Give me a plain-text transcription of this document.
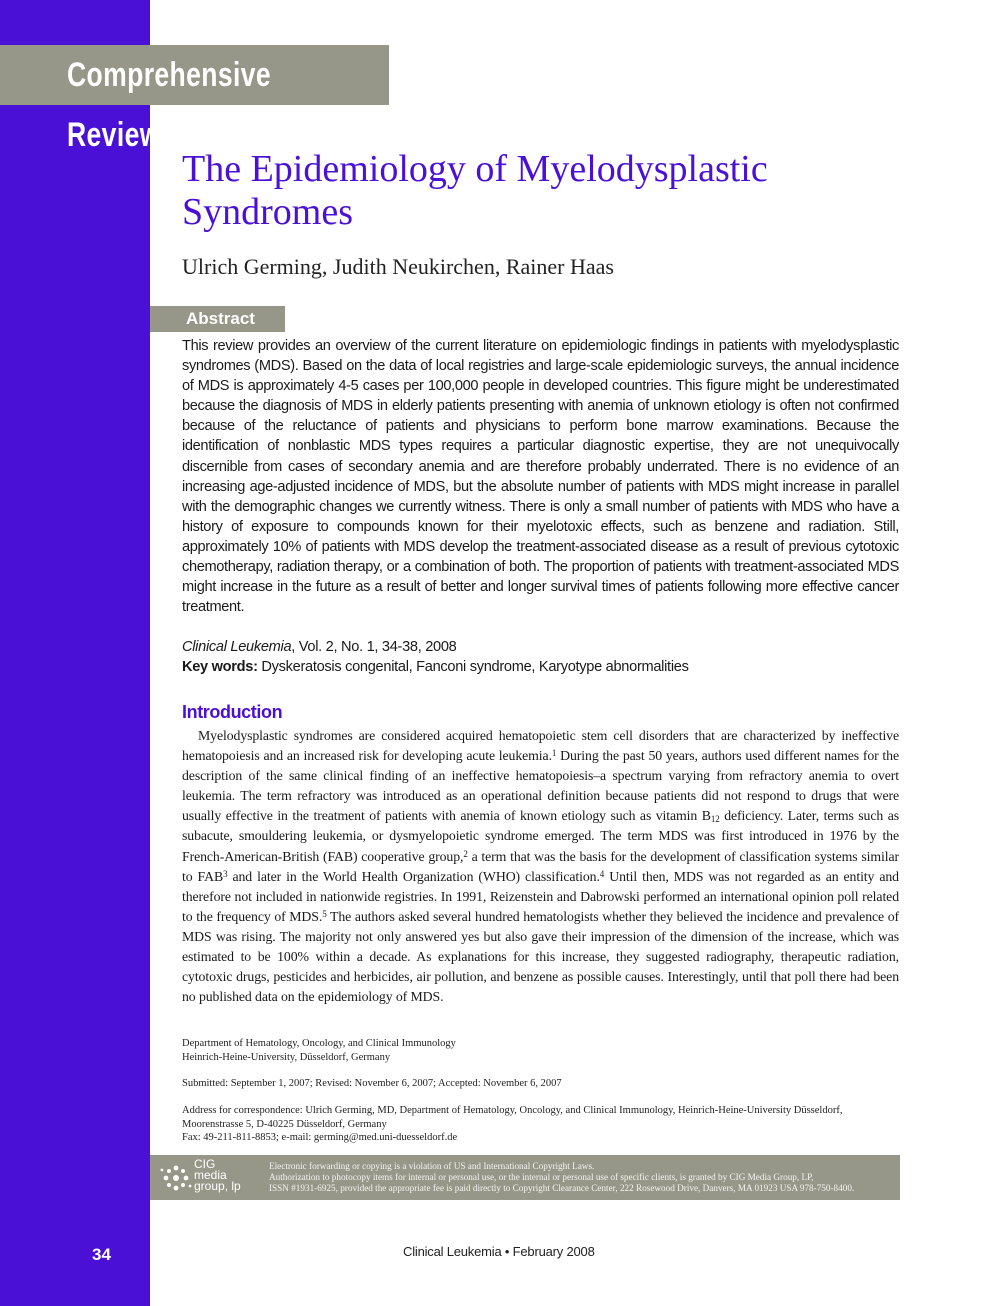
Comprehensive Review
The Epidemiology of Myelodysplastic Syndromes
Ulrich Germing, Judith Neukirchen, Rainer Haas
Abstract

This review provides an overview of the current literature on epidemiologic findings in patients with myelodysplastic syndromes (MDS). Based on the data of local registries and large-scale epidemiologic surveys, the annual incidence of MDS is approximately 4-5 cases per 100,000 people in developed countries. This figure might be underestimated because the diagnosis of MDS in elderly patients presenting with anemia of unknown etiology is often not confirmed because of the reluctance of patients and physicians to perform bone marrow examinations. Because the identification of nonblastic MDS types requires a particular diagnostic expertise, they are not unequivocally discernible from cases of secondary anemia and are therefore probably underrated. There is no evidence of an increasing age-adjusted incidence of MDS, but the absolute number of patients with MDS might increase in parallel with the demographic changes we currently witness. There is only a small number of patients with MDS who have a history of exposure to compounds known for their myelotoxic effects, such as benzene and radiation. Still, approximately 10% of patients with MDS develop the treatment-associated disease as a result of previous cytotoxic chemotherapy, radiation therapy, or a combination of both. The proportion of patients with treatment-associated MDS might increase in the future as a result of better and longer survival times of patients following more effective cancer treatment.

Clinical Leukemia, Vol. 2, No. 1, 34-38, 2008
Key words: Dyskeratosis congenital, Fanconi syndrome, Karyotype abnormalities
Introduction

Myelodysplastic syndromes are considered acquired hematopoietic stem cell disorders that are characterized by ineffective hematopoiesis and an increased risk for developing acute leukemia.$^1$ During the past 50 years, authors used different names for the description of the same clinical finding of an ineffective hematopoiesis–a spectrum varying from refractory anemia to overt leukemia. The term refractory was introduced as an operational definition because patients did not respond to drugs that were usually effective in the treatment of patients with anemia of known etiology such as vitamin $B_{12}$ deficiency. Later, terms such as subacute, smouldering leukemia, or dysmyelopoietic syndrome emerged. The term MDS was first introduced in 1976 by the French-American-British (FAB) cooperative group,$^2$ a term that was the basis for the development of classification systems similar to FAB$^3$ and later in the World Health Organization (WHO) classification.$^4$ Until then, MDS was not regarded as an entity and therefore not included in nationwide registries. In 1991, Reizenstein and Dabrowski performed an international opinion poll related to the frequency of MDS.$^5$ The authors asked several hundred hematologists whether they believed the incidence and prevalence of MDS was rising. The majority not only answered yes but also gave their impression of the dimension of the increase, which was estimated to be 100% within a decade. As explanations for this increase, they suggested radiography, therapeutic radiation, cytotoxic drugs, pesticides and herbicides, air pollution, and benzene as possible causes. Interestingly, until that poll there had been no published data on the epidemiology of MDS.

Department of Hematology, Oncology, and Clinical Immunology
Heinrich-Heine-University, Düsseldorf, Germany
Submitted: September 1, 2007; Revised: November 6, 2007; Accepted: November 6, 2007
Address for correspondence: Ulrich Germing, MD, Department of Hematology, Oncology, and Clinical Immunology, Heinrich-Heine-University Düsseldorf,
Moorenstrasse 5, D-40225 Düsseldorf, Germany
Fax: 49-211-811-8853; e-mail: germing@med.uni-duesseldorf.de
CIG
media
group, lp
Electronic forwarding or copying is a violation of US and International Copyright Laws.
Authorization to photocopy items for internal or personal use, or the internal or personal use of specific clients, is granted by CIG Media Group, LP,
ISSN #1931-6925, provided the appropriate fee is paid directly to Copyright Clearance Center, 222 Rosewood Drive, Danvers, MA 01923 USA 978-750-8400.
34	Clinical Leukemia • February 2008
